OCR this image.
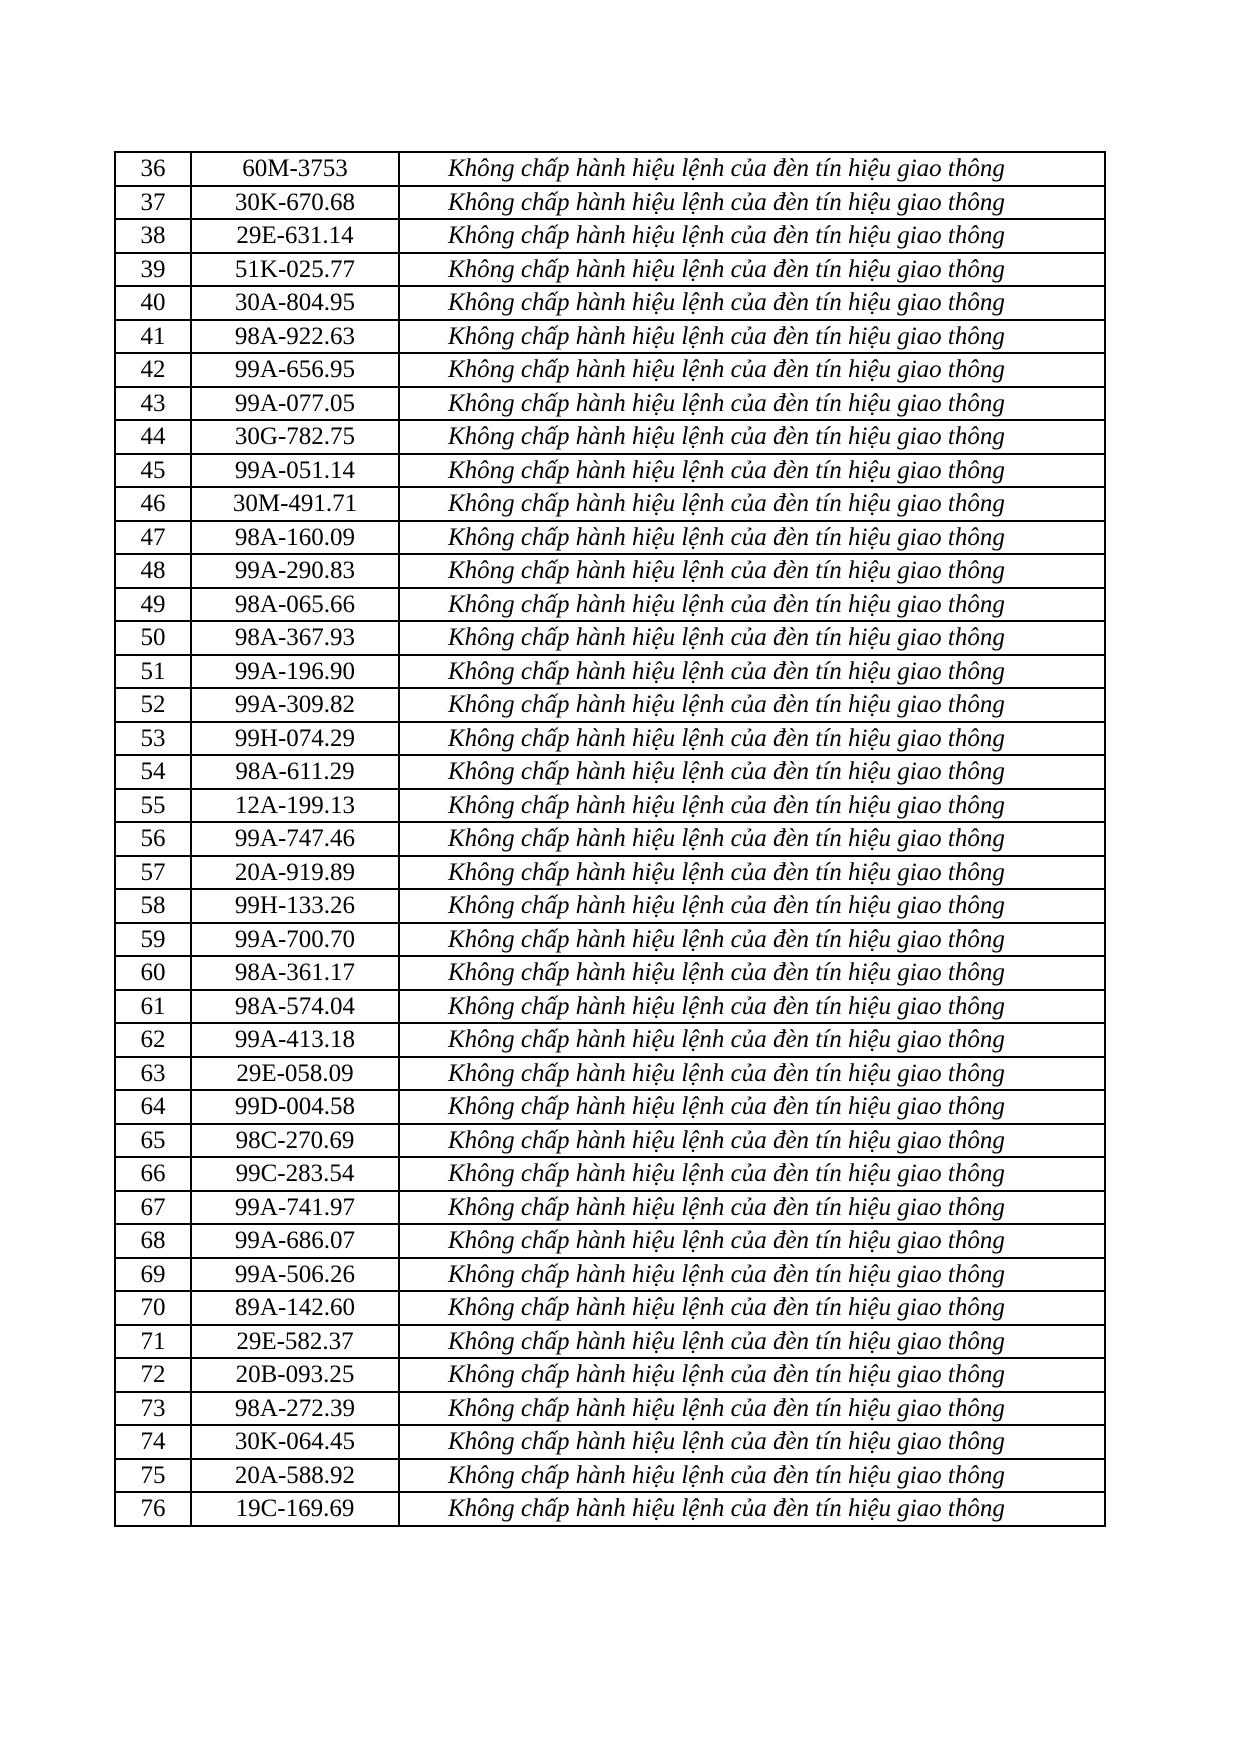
36	60M-3753	Không chấp hành hiệu lệnh của đèn tín hiệu giao thông
37	30K-670.68	Không chấp hành hiệu lệnh của đèn tín hiệu giao thông
38	29E-631.14	Không chấp hành hiệu lệnh của đèn tín hiệu giao thông
39	51K-025.77	Không chấp hành hiệu lệnh của đèn tín hiệu giao thông
40	30A-804.95	Không chấp hành hiệu lệnh của đèn tín hiệu giao thông
41	98A-922.63	Không chấp hành hiệu lệnh của đèn tín hiệu giao thông
42	99A-656.95	Không chấp hành hiệu lệnh của đèn tín hiệu giao thông
43	99A-077.05	Không chấp hành hiệu lệnh của đèn tín hiệu giao thông
44	30G-782.75	Không chấp hành hiệu lệnh của đèn tín hiệu giao thông
45	99A-051.14	Không chấp hành hiệu lệnh của đèn tín hiệu giao thông
46	30M-491.71	Không chấp hành hiệu lệnh của đèn tín hiệu giao thông
47	98A-160.09	Không chấp hành hiệu lệnh của đèn tín hiệu giao thông
48	99A-290.83	Không chấp hành hiệu lệnh của đèn tín hiệu giao thông
49	98A-065.66	Không chấp hành hiệu lệnh của đèn tín hiệu giao thông
50	98A-367.93	Không chấp hành hiệu lệnh của đèn tín hiệu giao thông
51	99A-196.90	Không chấp hành hiệu lệnh của đèn tín hiệu giao thông
52	99A-309.82	Không chấp hành hiệu lệnh của đèn tín hiệu giao thông
53	99H-074.29	Không chấp hành hiệu lệnh của đèn tín hiệu giao thông
54	98A-611.29	Không chấp hành hiệu lệnh của đèn tín hiệu giao thông
55	12A-199.13	Không chấp hành hiệu lệnh của đèn tín hiệu giao thông
56	99A-747.46	Không chấp hành hiệu lệnh của đèn tín hiệu giao thông
57	20A-919.89	Không chấp hành hiệu lệnh của đèn tín hiệu giao thông
58	99H-133.26	Không chấp hành hiệu lệnh của đèn tín hiệu giao thông
59	99A-700.70	Không chấp hành hiệu lệnh của đèn tín hiệu giao thông
60	98A-361.17	Không chấp hành hiệu lệnh của đèn tín hiệu giao thông
61	98A-574.04	Không chấp hành hiệu lệnh của đèn tín hiệu giao thông
62	99A-413.18	Không chấp hành hiệu lệnh của đèn tín hiệu giao thông
63	29E-058.09	Không chấp hành hiệu lệnh của đèn tín hiệu giao thông
64	99D-004.58	Không chấp hành hiệu lệnh của đèn tín hiệu giao thông
65	98C-270.69	Không chấp hành hiệu lệnh của đèn tín hiệu giao thông
66	99C-283.54	Không chấp hành hiệu lệnh của đèn tín hiệu giao thông
67	99A-741.97	Không chấp hành hiệu lệnh của đèn tín hiệu giao thông
68	99A-686.07	Không chấp hành hiệu lệnh của đèn tín hiệu giao thông
69	99A-506.26	Không chấp hành hiệu lệnh của đèn tín hiệu giao thông
70	89A-142.60	Không chấp hành hiệu lệnh của đèn tín hiệu giao thông
71	29E-582.37	Không chấp hành hiệu lệnh của đèn tín hiệu giao thông
72	20B-093.25	Không chấp hành hiệu lệnh của đèn tín hiệu giao thông
73	98A-272.39	Không chấp hành hiệu lệnh của đèn tín hiệu giao thông
74	30K-064.45	Không chấp hành hiệu lệnh của đèn tín hiệu giao thông
75	20A-588.92	Không chấp hành hiệu lệnh của đèn tín hiệu giao thông
76	19C-169.69	Không chấp hành hiệu lệnh của đèn tín hiệu giao thông
